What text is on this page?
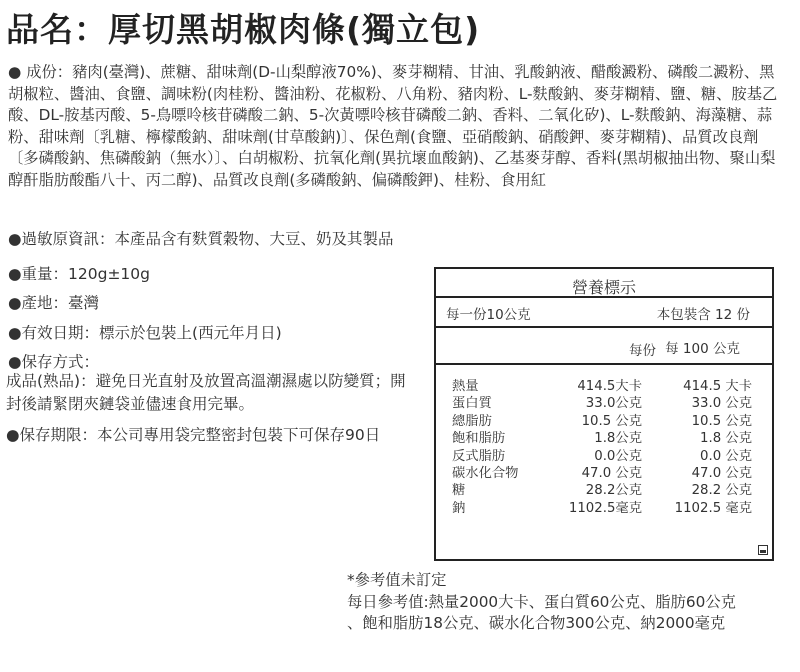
品名：厚切黑胡椒肉條(獨立包)

● 成份：豬肉(臺灣)、蔗糖、甜味劑(D-山梨醇液70%)、麥芽糊精、甘油、乳酸鈉液、醋酸澱粉、磷酸二澱粉、黑胡椒粒、醬油、食鹽、調味粉(肉桂粉、醬油粉、花椒粉、八角粉、豬肉粉、L-麩酸鈉、麥芽糊精、鹽、糖、胺基乙酸、DL-胺基丙酸、5-鳥嘌呤核苷磷酸二鈉、5-次黃嘌呤核苷磷酸二鈉、香料、二氧化矽)、L-麩酸鈉、海藻糖、蒜粉、甜味劑〔乳糖、檸檬酸鈉、甜味劑(甘草酸鈉)〕、保色劑(食鹽、亞硝酸鈉、硝酸鉀、麥芽糊精)、品質改良劑〔多磷酸鈉、焦磷酸鈉（無水）〕、白胡椒粉、抗氧化劑(異抗壞血酸鈉)、乙基麥芽醇、香料(黑胡椒抽出物、聚山梨醇酐脂肪酸酯八十、丙二醇)、品質改良劑(多磷酸鈉、偏磷酸鉀)、桂粉、食用紅

●過敏原資訊：本產品含有麩質穀物、大豆、奶及其製品
●重量：120g±10g
●產地：臺灣
●有效日期：標示於包裝上(西元年月日)
●保存方式：

成品(熟品)：避免日光直射及放置高溫潮濕處以防變質；開封後請緊閉夾鏈袋並儘速食用完畢。

●保存期限：本公司專用袋完整密封包裝下可保存90日

營養標示
每一份10公克	本包裝含 12 份
每份 每 100 公克
熱量	414.5大卡	414.5 大卡
蛋白質	33.0公克	33.0 公克
總脂肪	10.5 公克	10.5 公克
飽和脂肪	1.8公克	1.8 公克
反式脂肪	0.0公克	0.0 公克
碳水化合物	47.0 公克	47.0 公克
糖	28.2公克	28.2 公克
鈉	1102.5毫克 1102.5 毫克

*參考值未訂定

每日參考值:熱量2000大卡、蛋白質60公克、脂肪60公克

、飽和脂肪18公克、碳水化合物300公克、納2000毫克
